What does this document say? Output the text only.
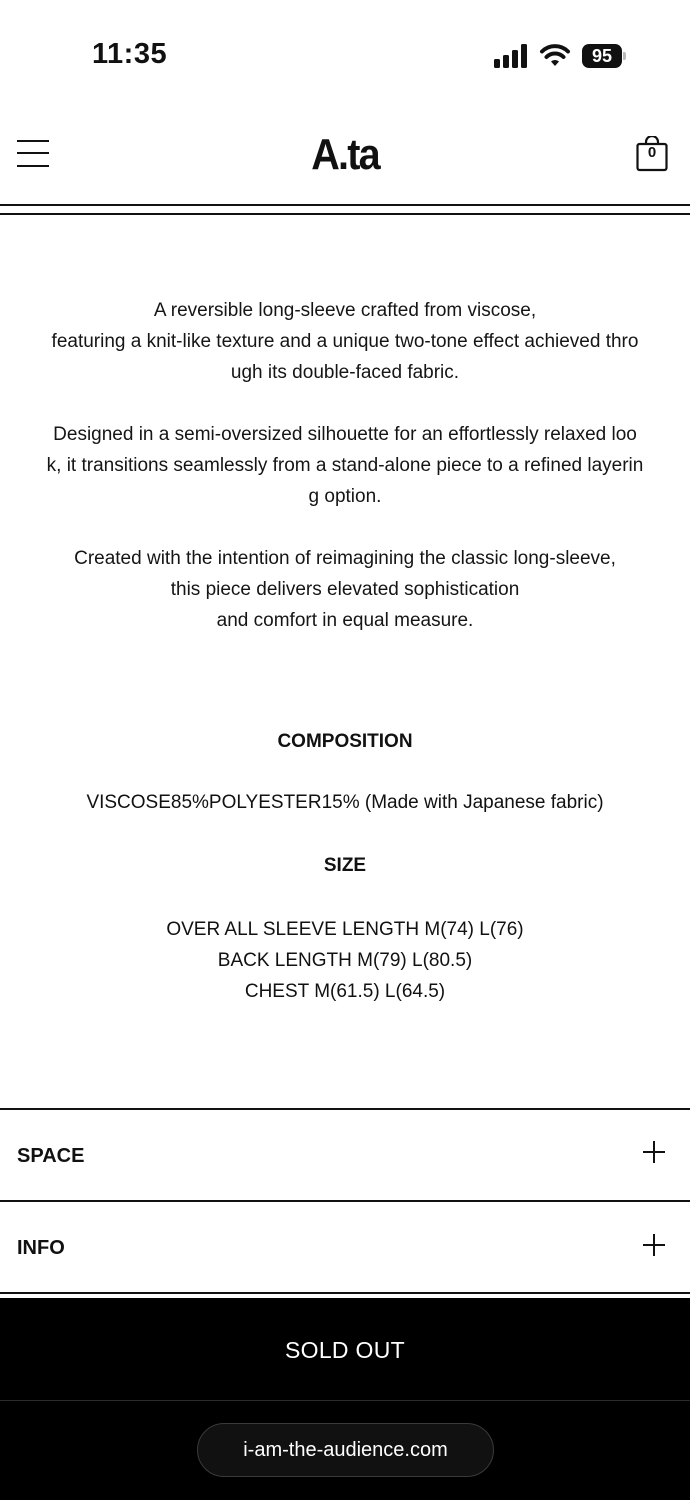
11:35	95
A.ta	0

A reversible long-sleeve crafted from viscose,
featuring a knit-like texture and a unique two-tone effect achieved thro
ugh its double-faced fabric.

Designed in a semi-oversized silhouette for an effortlessly relaxed loo
k, it transitions seamlessly from a stand-alone piece to a refined layerin
g option.

Created with the intention of reimagining the classic long-sleeve,
this piece delivers elevated sophistication
and comfort in equal measure.

COMPOSITION
VISCOSE85%POLYESTER15% (Made with Japanese fabric)
SIZE
OVER ALL SLEEVE LENGTH M(74) L(76)
BACK LENGTH M(79) L(80.5)
CHEST M(61.5) L(64.5)
SPACE
INFO
SOLD OUT
i-am-the-audience.com
